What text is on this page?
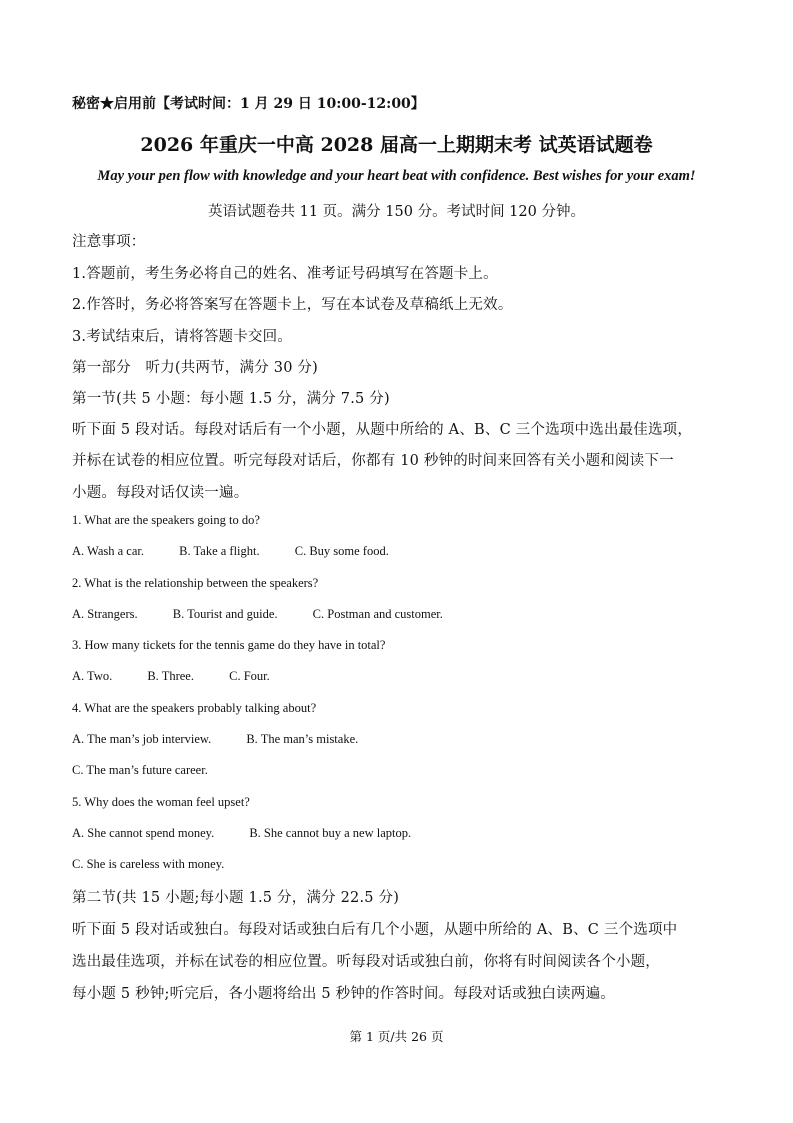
秘密★启用前【考试时间：1 月 29 日 10:00-12:00】
2026 年重庆一中高 2028 届高一上期期末考 试英语试题卷
May your pen flow with knowledge and your heart beat with confidence. Best wishes for your exam!
英语试题卷共 11 页。满分 150 分。考试时间 120 分钟。
注意事项：
1.答题前，考生务必将自己的姓名、准考证号码填写在答题卡上。
2.作答时，务必将答案写在答题卡上，写在本试卷及草稿纸上无效。
3.考试结束后，请将答题卡交回。
第一部分　听力(共两节，满分 30 分)
第一节(共 5 小题：每小题 1.5 分，满分 7.5 分)
听下面 5 段对话。每段对话后有一个小题，从题中所给的 A、B、C 三个选项中选出最佳选项，
并标在试卷的相应位置。听完每段对话后，你都有 10 秒钟的时间来回答有关小题和阅读下一
小题。每段对话仅读一遍。
1. What are the speakers going to do?
A. Wash a car.	B. Take a flight.	C. Buy some food.
2. What is the relationship between the speakers?
A. Strangers.	B. Tourist and guide.	C. Postman and customer.
3. How many tickets for the tennis game do they have in total?
A. Two.	B. Three.	C. Four.
4. What are the speakers probably talking about?
A. The man’s job interview.	B. The man’s mistake.
C. The man’s future career.
5. Why does the woman feel upset?
A. She cannot spend money.	B. She cannot buy a new laptop.
C. She is careless with money.
第二节(共 15 小题;每小题 1.5 分，满分 22.5 分)
听下面 5 段对话或独白。每段对话或独白后有几个小题，从题中所给的 A、B、C 三个选项中
选出最佳选项，并标在试卷的相应位置。听每段对话或独白前，你将有时间阅读各个小题，
每小题 5 秒钟;听完后，各小题将给出 5 秒钟的作答时间。每段对话或独白读两遍。
第 1 页/共 26 页
